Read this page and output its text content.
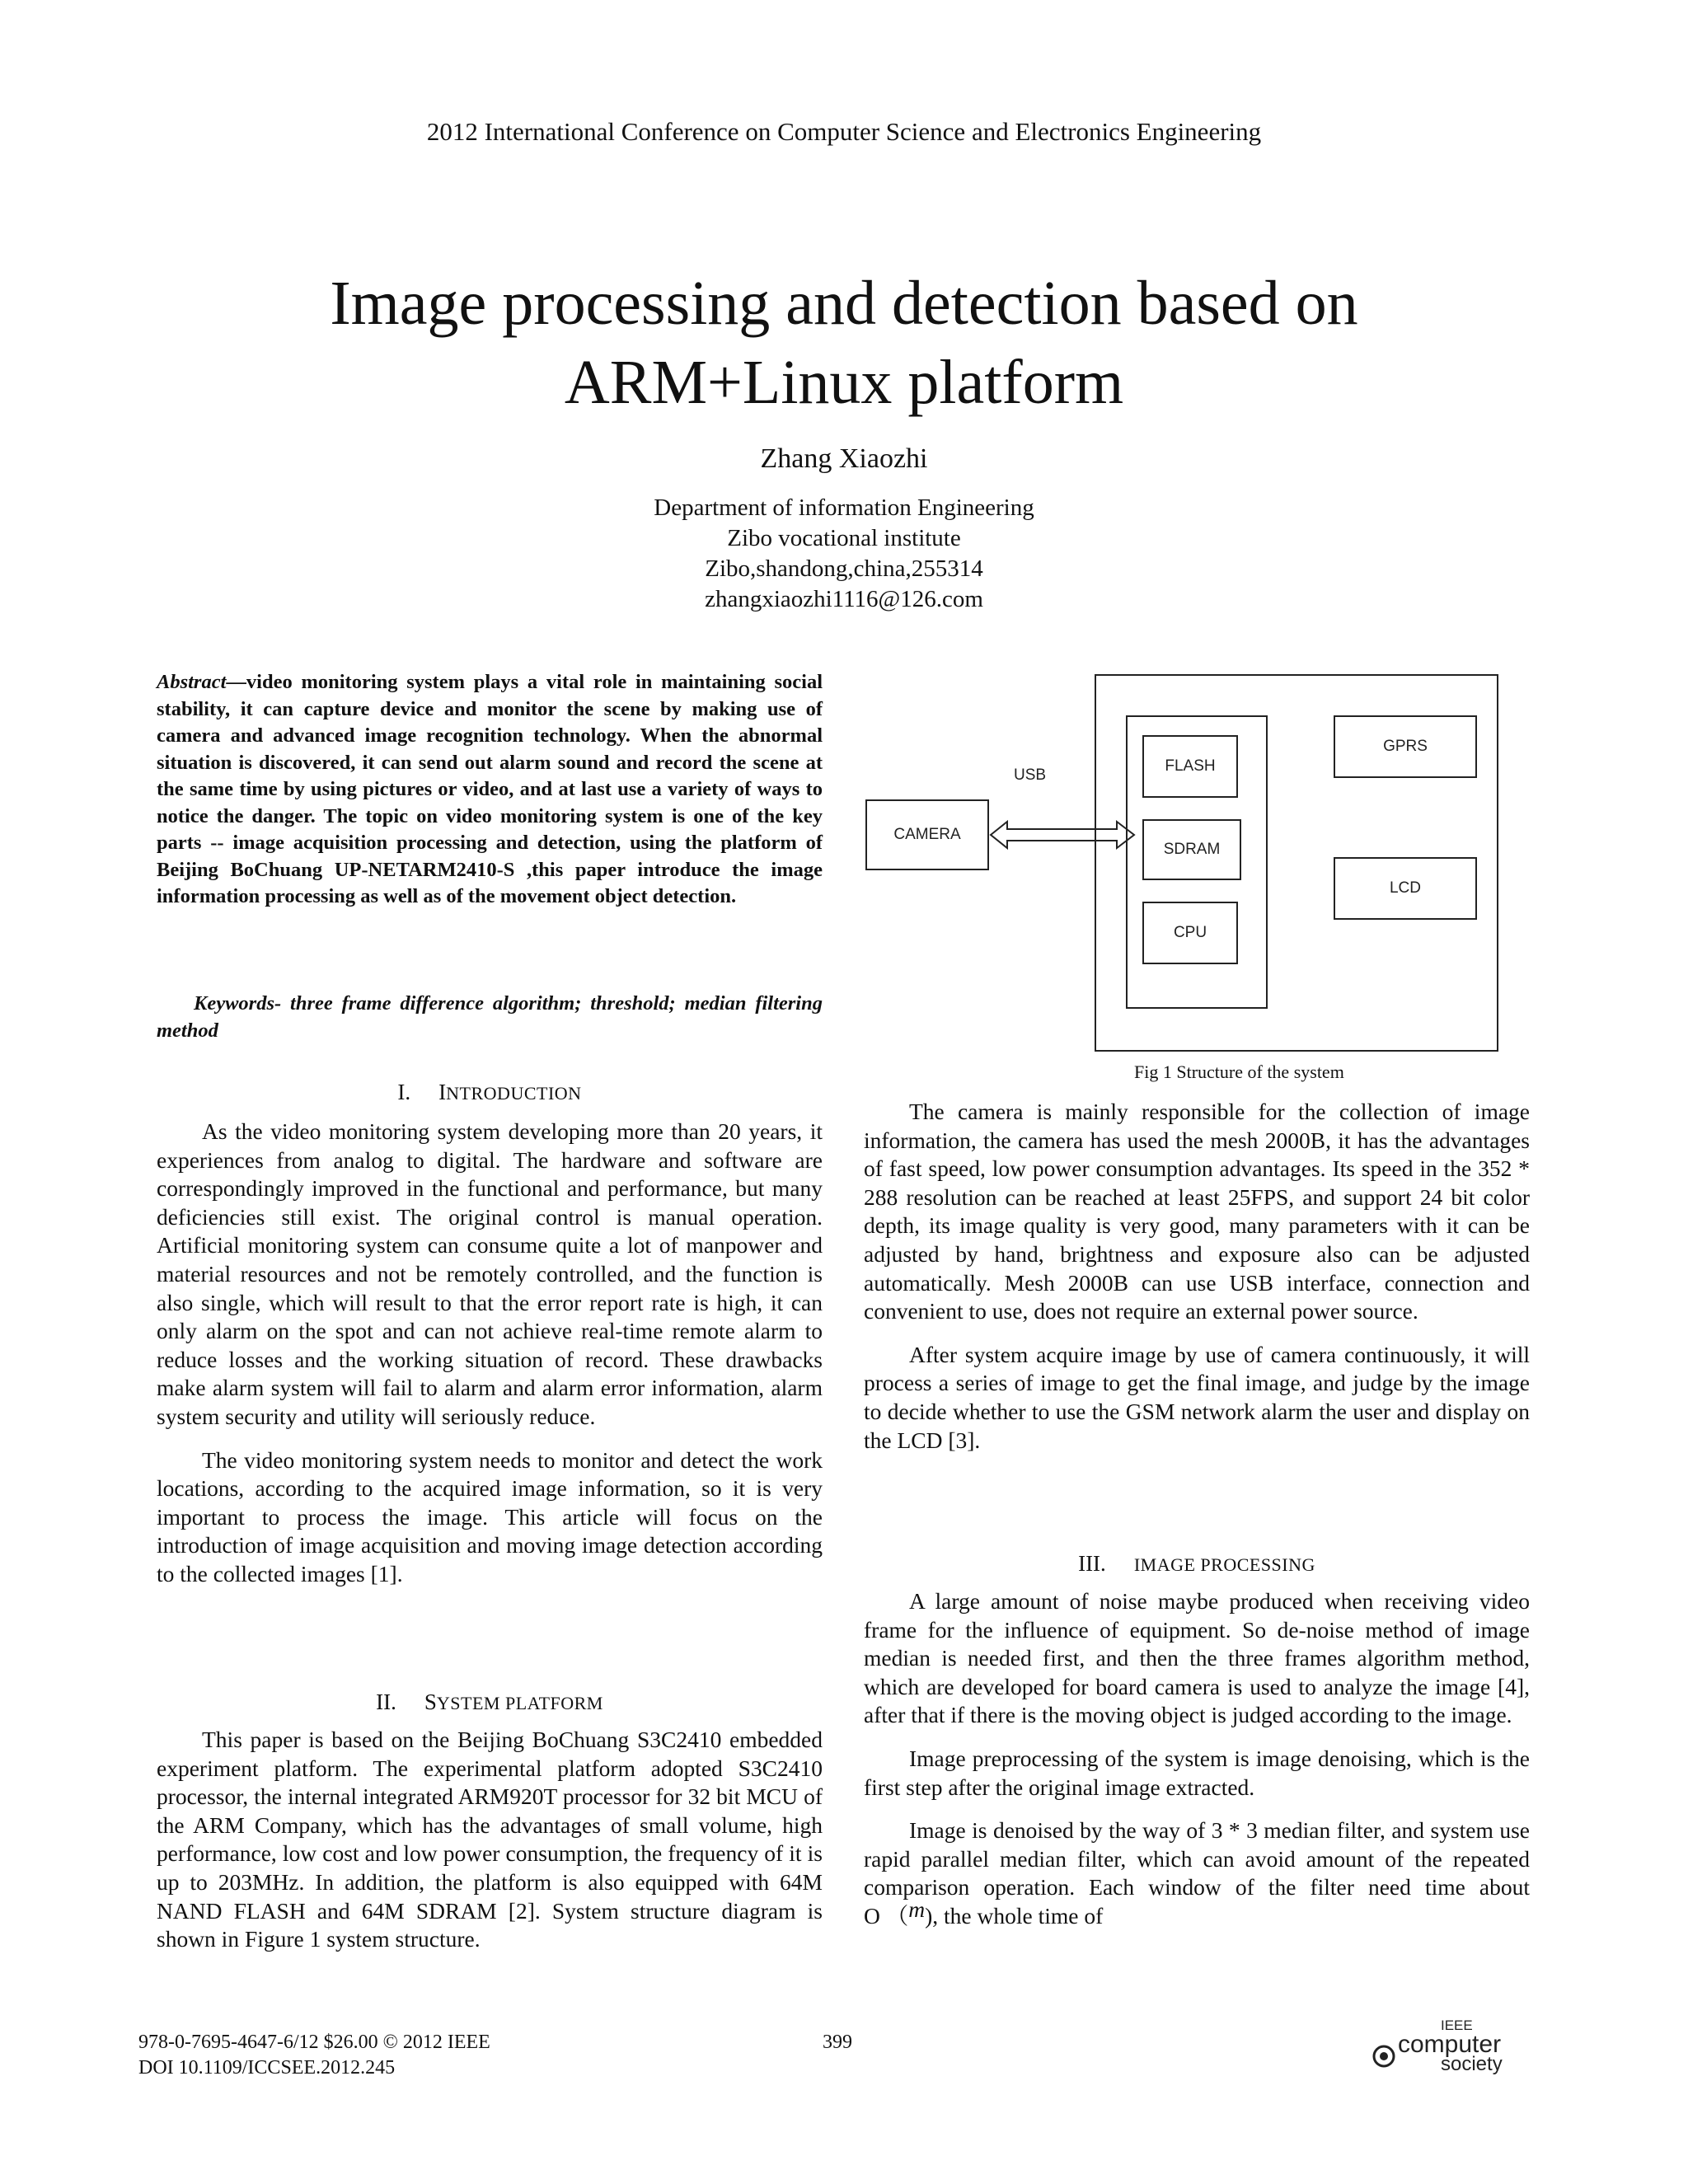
2012 International Conference on Computer Science and Electronics Engineering
Image processing and detection based on
ARM+Linux platform
Zhang Xiaozhi
Department of information Engineering
Zibo vocational institute
Zibo,shandong,china,255314
zhangxiaozhi1116@126.com
Abstract—video monitoring system plays a vital role in maintaining social stability, it can capture device and monitor the scene by making use of camera and advanced image recognition technology. When the abnormal situation is discovered, it can send out alarm sound and record the scene at the same time by using pictures or video, and at last use a variety of ways to notice the danger. The topic on video monitoring system is one of the key parts -- image acquisition processing and detection, using the platform of Beijing BoChuang UP-NETARM2410-S ,this paper introduce the image information processing as well as of the movement object detection.
Keywords- three frame difference algorithm; threshold; median filtering method
I. INTRODUCTION

As the video monitoring system developing more than 20 years, it experiences from analog to digital. The hardware and software are correspondingly improved in the functional and performance, but many deficiencies still exist. The original control is manual operation. Artificial monitoring system can consume quite a lot of manpower and material resources and not be remotely controlled, and the function is also single, which will result to that the error report rate is high, it can only alarm on the spot and can not achieve real-time remote alarm to reduce losses and the working situation of record. These drawbacks make alarm system will fail to alarm and alarm error information, alarm system security and utility will seriously reduce.

The video monitoring system needs to monitor and detect the work locations, according to the acquired image information, so it is very important to process the image. This article will focus on the introduction of image acquisition and moving image detection according to the collected images [1].

II. SYSTEM PLATFORM

This paper is based on the Beijing BoChuang S3C2410 embedded experiment platform. The experimental platform adopted S3C2410 processor, the internal integrated ARM920T processor for 32 bit MCU of the ARM Company, which has the advantages of small volume, high performance, low cost and low power consumption, the frequency of it is up to 203MHz. In addition, the platform is also equipped with 64M NAND FLASH and 64M SDRAM [2]. System structure diagram is shown in Figure 1 system structure.

CAMERA
USB
FLASH
SDRAM
CPU
GPRS
LCD
Fig 1 Structure of the system

The camera is mainly responsible for the collection of image information, the camera has used the mesh 2000B, it has the advantages of fast speed, low power consumption advantages. Its speed in the 352 * 288 resolution can be reached at least 25FPS, and support 24 bit color depth, its image quality is very good, many parameters with it can be adjusted by hand, brightness and exposure also can be adjusted automatically. Mesh 2000B can use USB interface, connection and convenient to use, does not require an external power source.

After system acquire image by use of camera continuously, it will process a series of image to get the final image, and judge by the image to decide whether to use the GSM network alarm the user and display on the LCD [3].

III. IMAGE PROCESSING

A large amount of noise maybe produced when receiving video frame for the influence of equipment. So de-noise method of image median is needed first, and then the three frames algorithm method, which are developed for board camera is used to analyze the image [4], after that if there is the moving object is judged according to the image.

Image preprocessing of the system is image denoising, which is the first step after the original image extracted.

Image is denoised by the way of 3 * 3 median filter, and system use rapid parallel median filter, which can avoid amount of the repeated comparison operation. Each window of the filter need time about O （m), the whole time of

978-0-7695-4647-6/12 $26.00 © 2012 IEEE
DOI 10.1109/ICCSEE.2012.245
399
IEEE
computer
society
